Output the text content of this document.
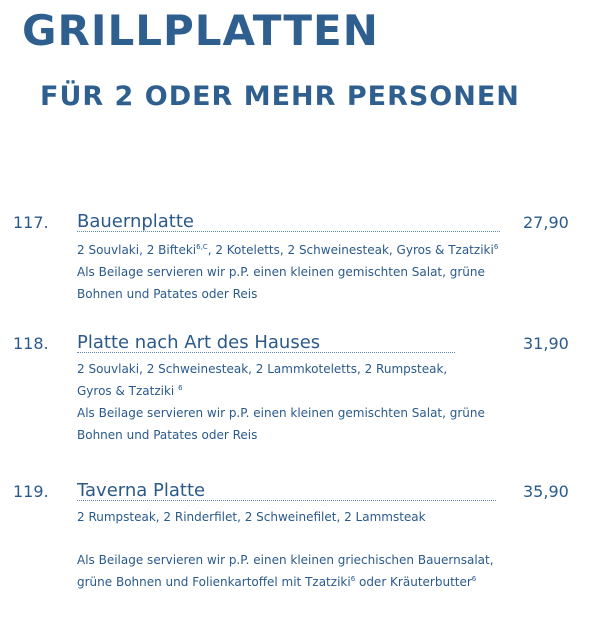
GRILLPLATTEN
FÜR 2 ODER MEHR PERSONEN
117. Bauernplatte	27,90
2 Souvlaki, 2 Bifteki$^{6,C}$, 2 Koteletts, 2 Schweinesteak, Gyros & Tzatziki$^6$
Als Beilage servieren wir p.P. einen kleinen gemischten Salat, grüne
Bohnen und Patates oder Reis
118. Platte nach Art des Hauses	31,90
2 Souvlaki, 2 Schweinesteak, 2 Lammkoteletts, 2 Rumpsteak,
Gyros & Tzatziki $^6$
Als Beilage servieren wir p.P. einen kleinen gemischten Salat, grüne
Bohnen und Patates oder Reis
119. Taverna Platte	35,90
2 Rumpsteak, 2 Rinderfilet, 2 Schweinefilet, 2 Lammsteak
Als Beilage servieren wir p.P. einen kleinen griechischen Bauernsalat,
grüne Bohnen und Folienkartoffel mit Tzatziki$^6$ oder Kräuterbutter$^6$
